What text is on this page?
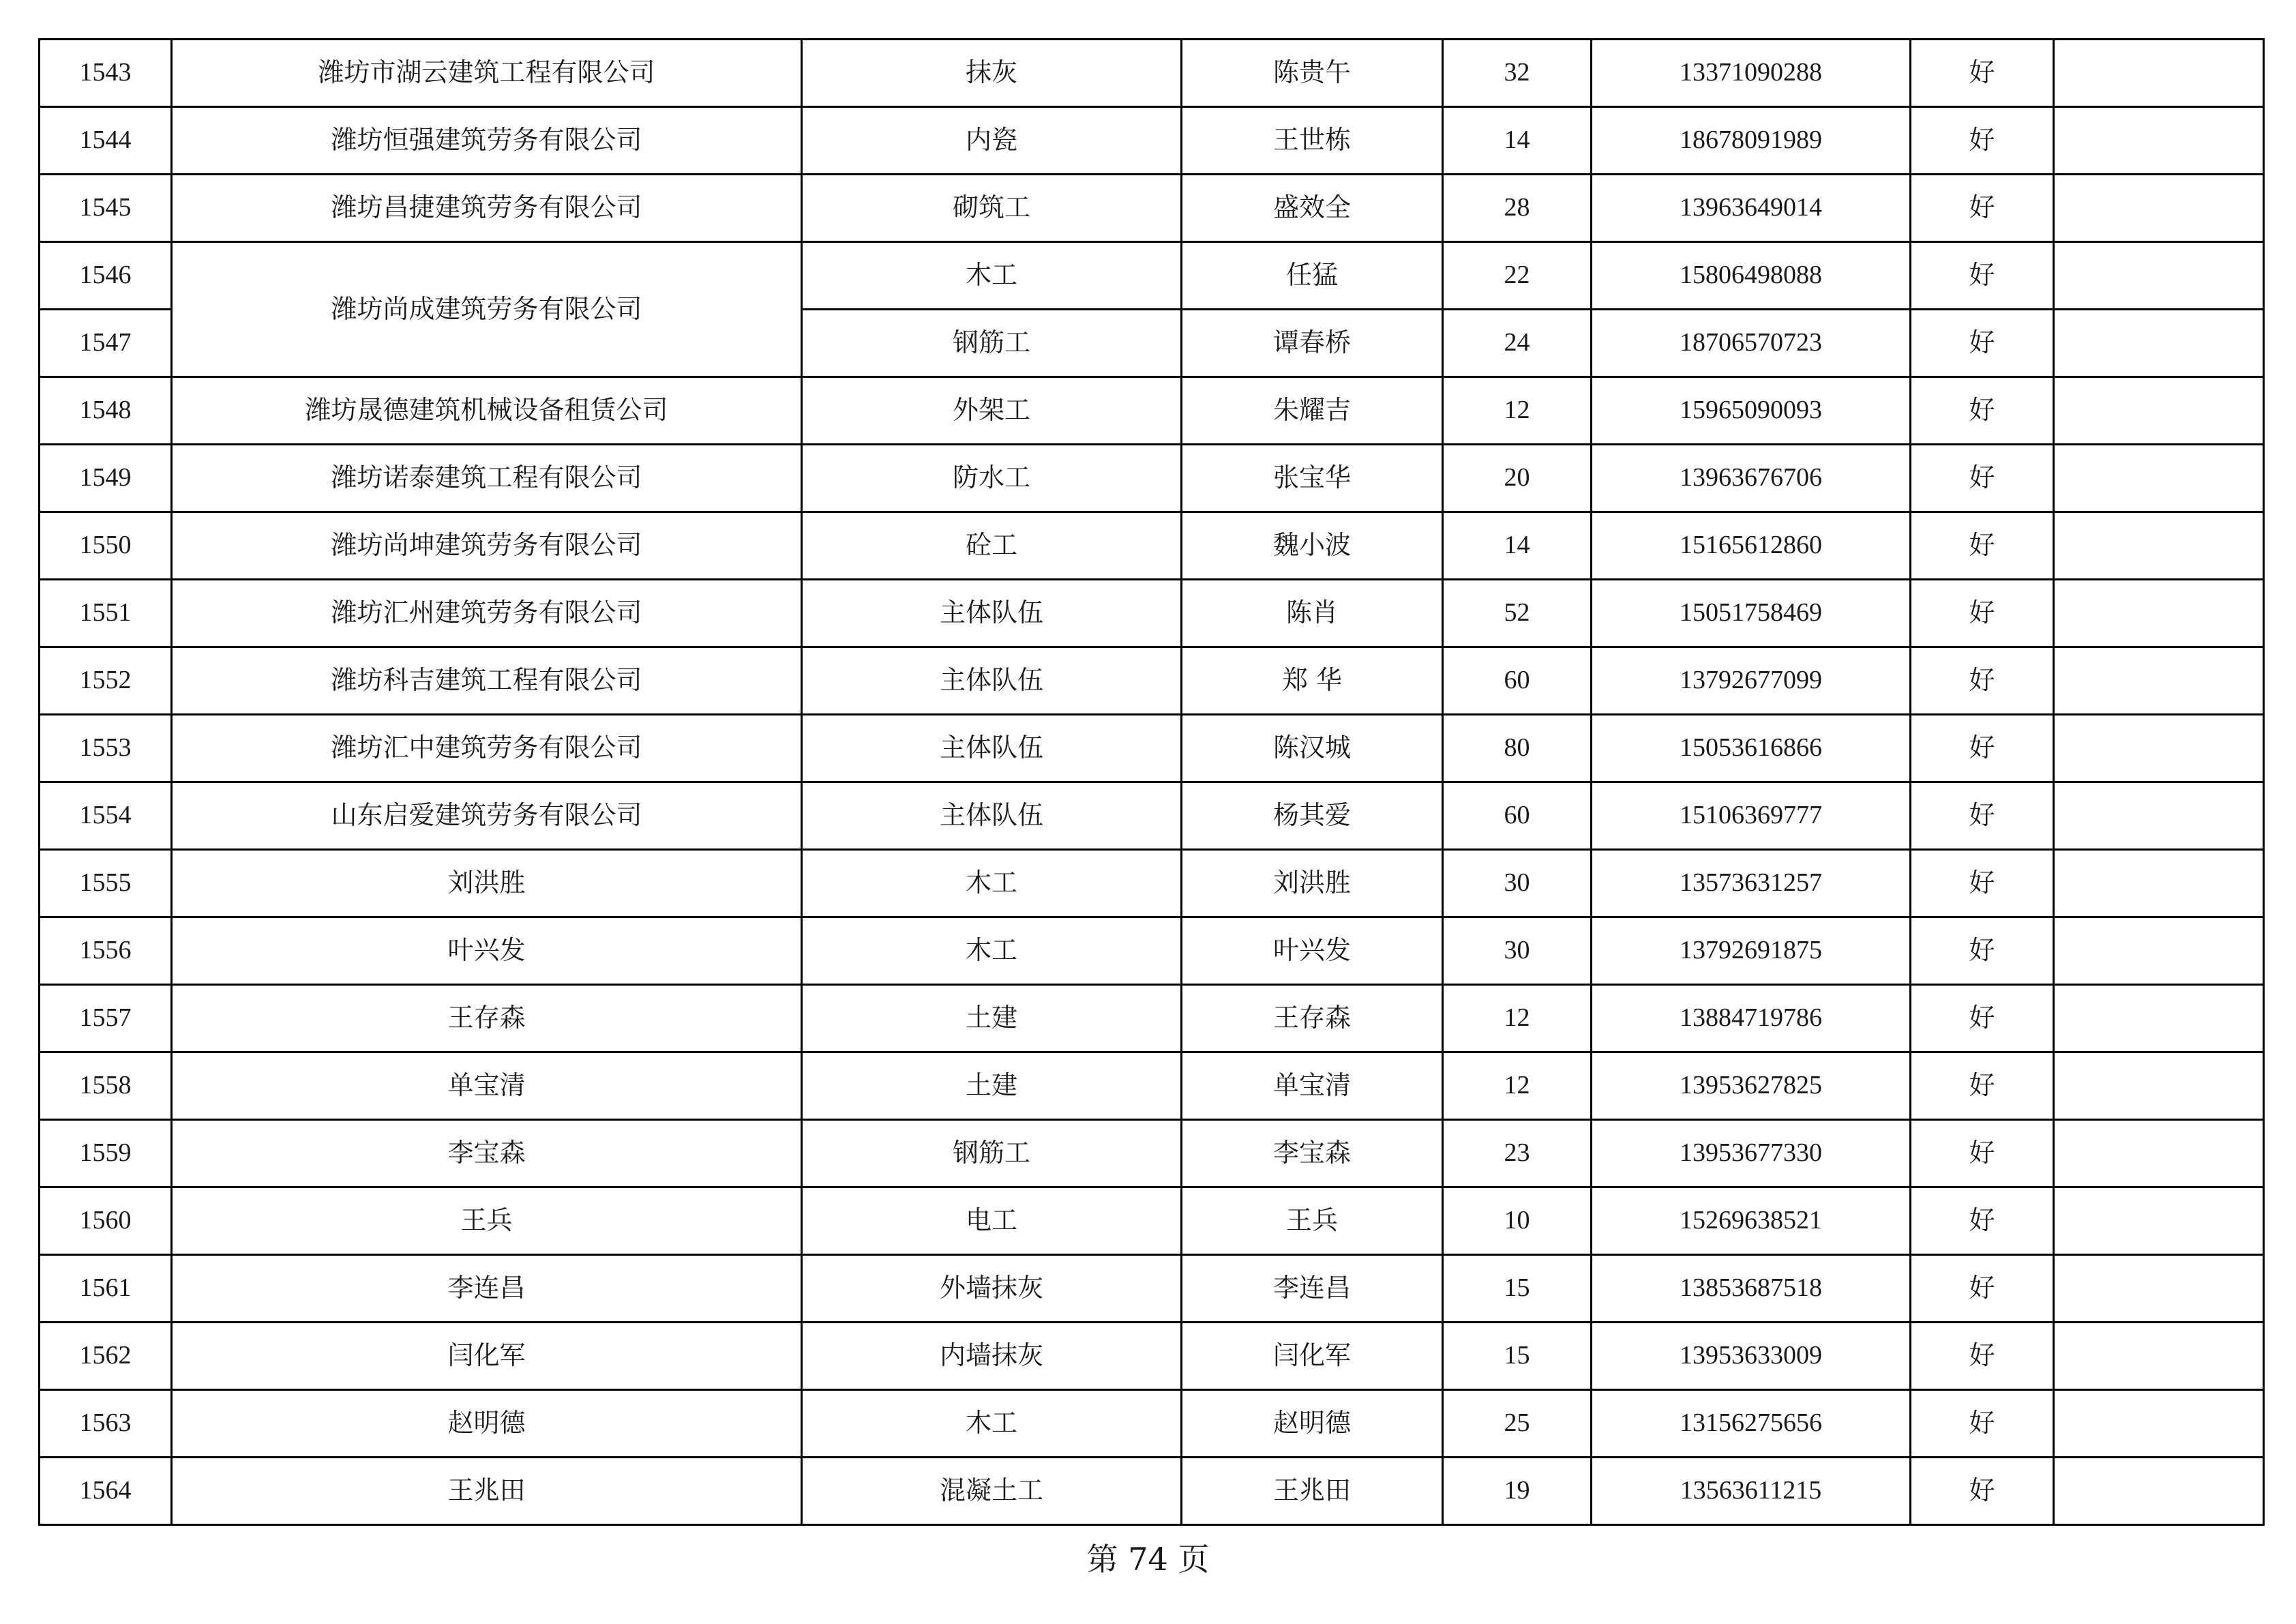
1543	潍坊市湖云建筑工程有限公司	抹灰	陈贵午	32	13371090288	好	
1544	潍坊恒强建筑劳务有限公司	内瓷	王世栋	14	18678091989	好	
1545	潍坊昌捷建筑劳务有限公司	砌筑工	盛效全	28	13963649014	好	
1546	潍坊尚成建筑劳务有限公司	木工	任猛	22	15806498088	好	
1547		钢筋工	谭春桥	24	18706570723	好	
1548	潍坊晟德建筑机械设备租赁公司	外架工	朱耀吉	12	15965090093	好	
1549	潍坊诺泰建筑工程有限公司	防水工	张宝华	20	13963676706	好	
1550	潍坊尚坤建筑劳务有限公司	砼工	魏小波	14	15165612860	好	
1551	潍坊汇州建筑劳务有限公司	主体队伍	陈肖	52	15051758469	好	
1552	潍坊科吉建筑工程有限公司	主体队伍	郑 华	60	13792677099	好	
1553	潍坊汇中建筑劳务有限公司	主体队伍	陈汉城	80	15053616866	好	
1554	山东启爱建筑劳务有限公司	主体队伍	杨其爱	60	15106369777	好	
1555	刘洪胜	木工	刘洪胜	30	13573631257	好	
1556	叶兴发	木工	叶兴发	30	13792691875	好	
1557	王存森	土建	王存森	12	13884719786	好	
1558	单宝清	土建	单宝清	12	13953627825	好	
1559	李宝森	钢筋工	李宝森	23	13953677330	好	
1560	王兵	电工	王兵	10	15269638521	好	
1561	李连昌	外墙抹灰	李连昌	15	13853687518	好	
1562	闫化军	内墙抹灰	闫化军	15	13953633009	好	
1563	赵明德	木工	赵明德	25	13156275656	好	
1564	王兆田	混凝土工	王兆田	19	13563611215	好	
第 74 页
